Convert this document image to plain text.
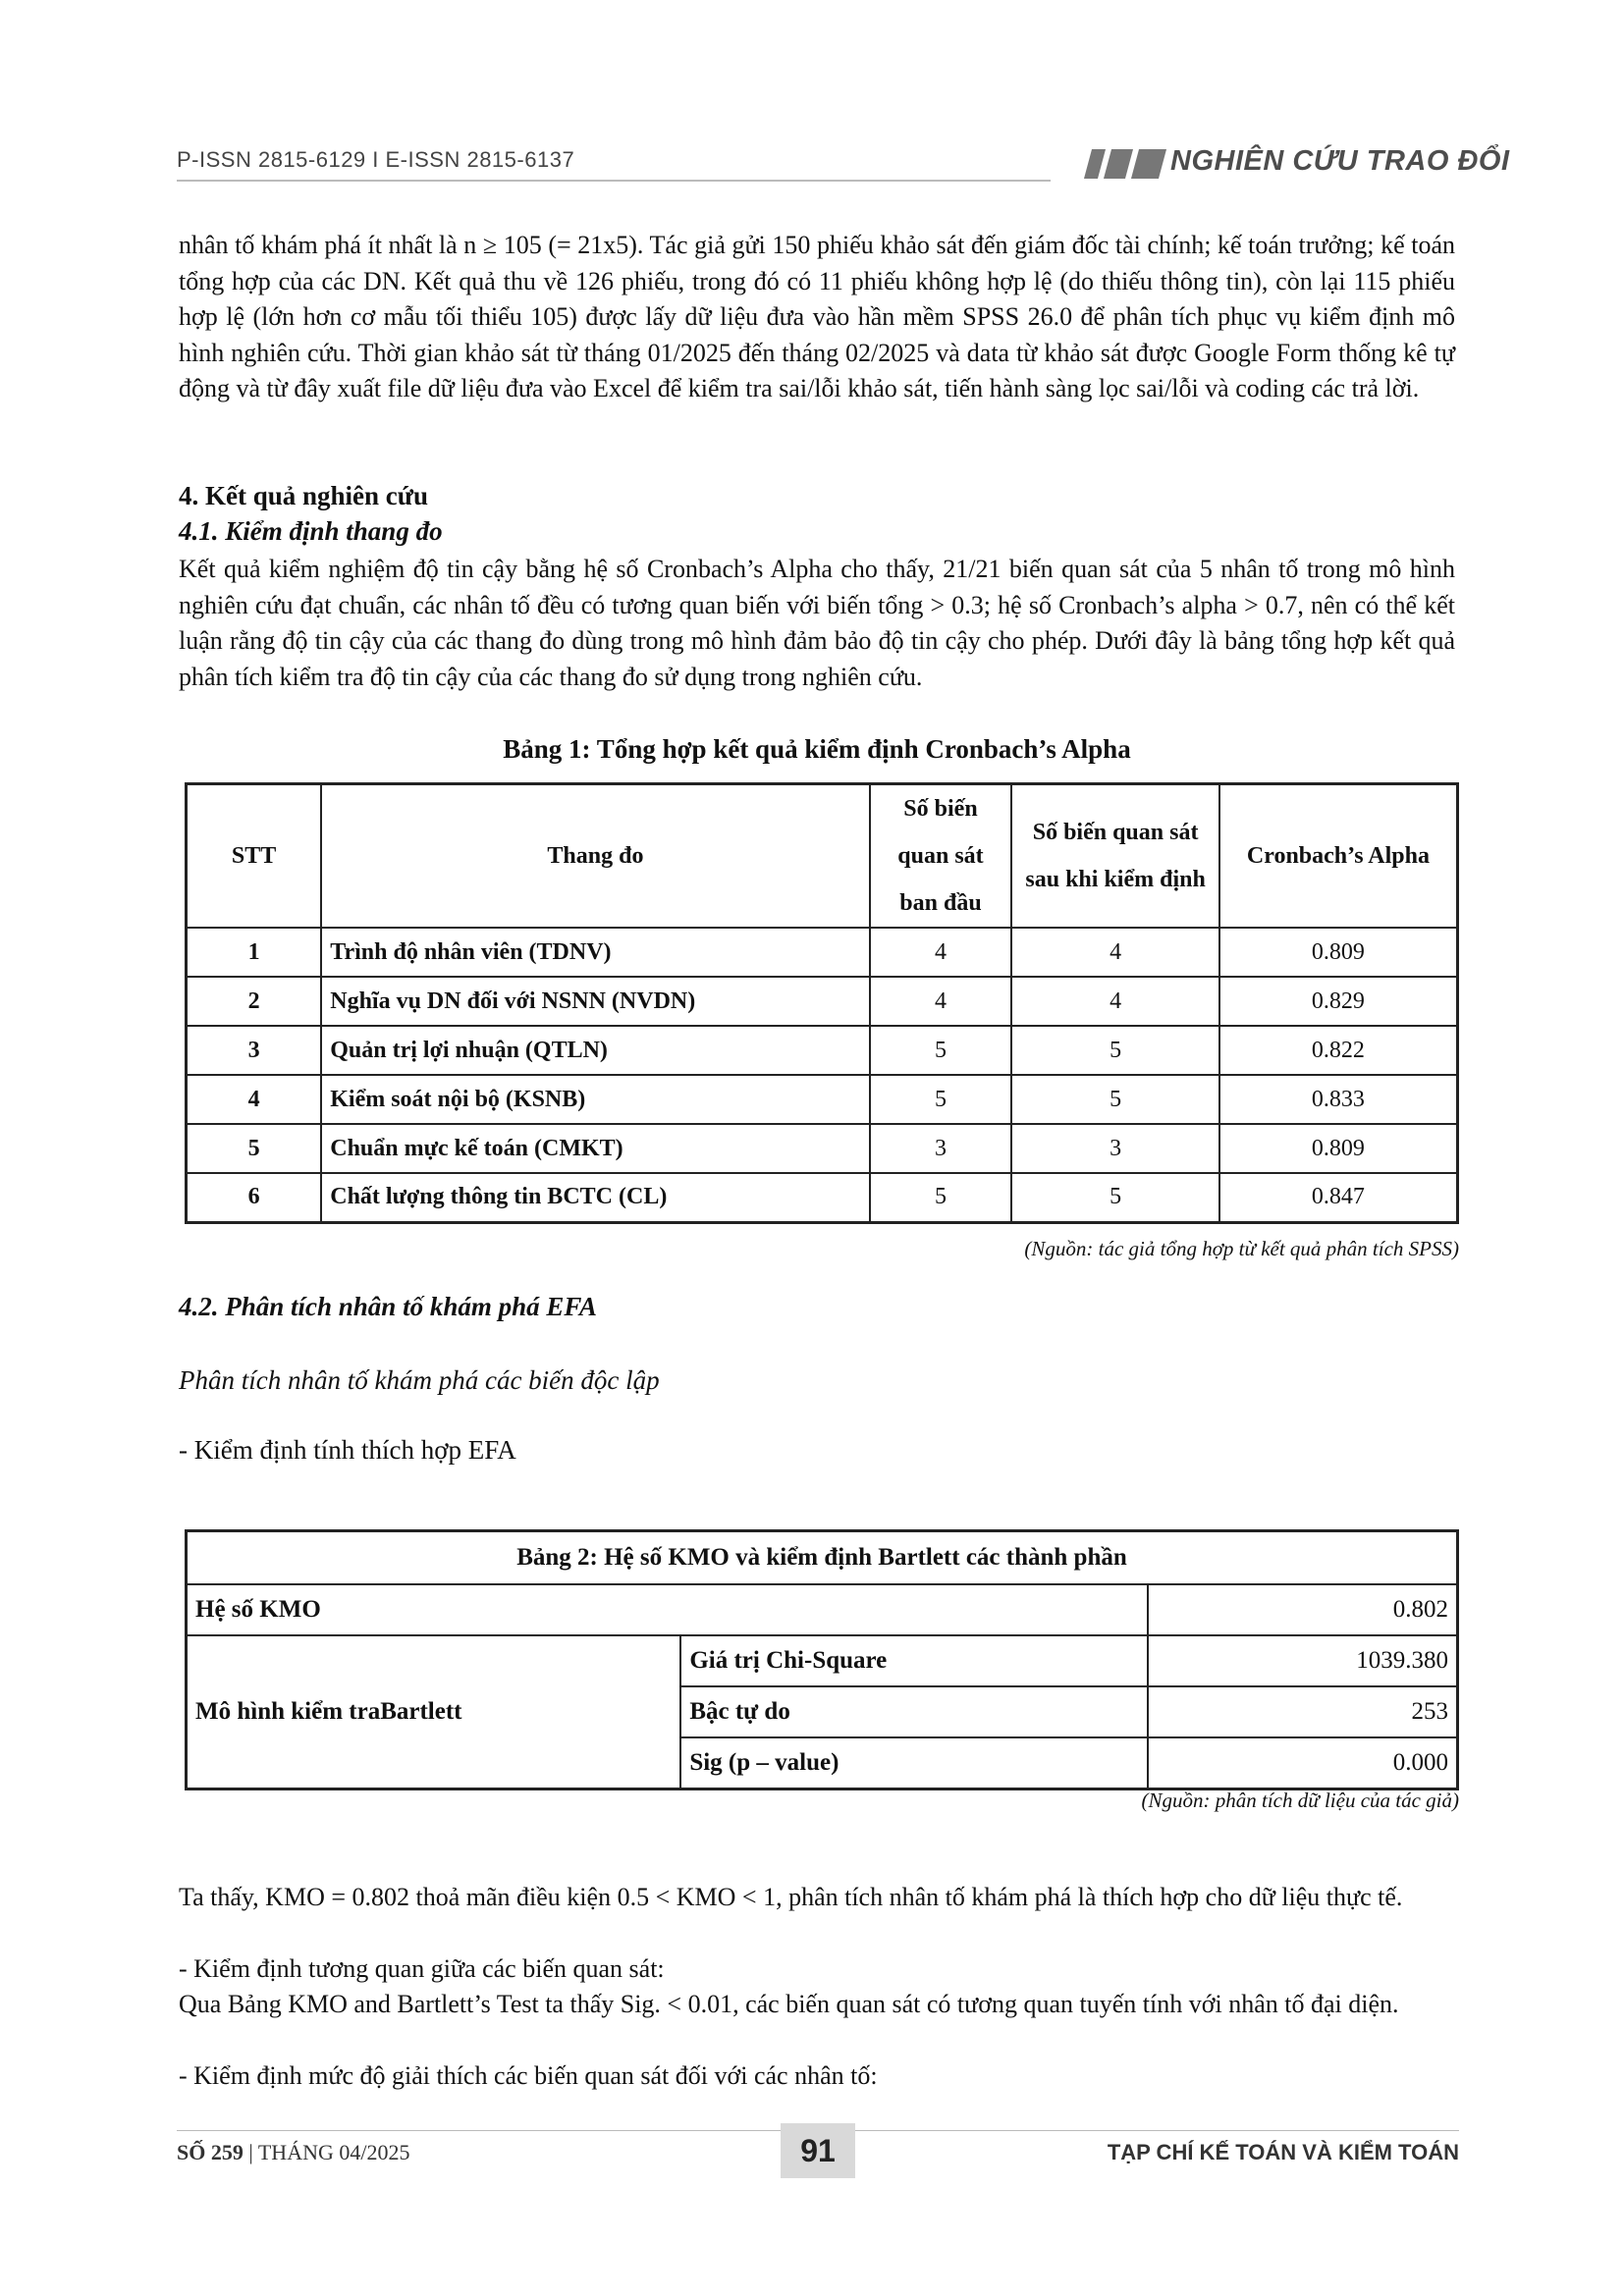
P-ISSN 2815-6129 I E-ISSN 2815-6137	NGHIÊN CỨU TRAO ĐỔI

nhân tố khám phá ít nhất là n ≥ 105 (= 21x5). Tác giả gửi 150 phiếu khảo sát đến giám đốc tài chính; kế toán trưởng; kế toán tổng hợp của các DN. Kết quả thu về 126 phiếu, trong đó có 11 phiếu không hợp lệ (do thiếu thông tin), còn lại 115 phiếu hợp lệ (lớn hơn cơ mẫu tối thiểu 105) được lấy dữ liệu đưa vào hần mềm SPSS 26.0 để phân tích phục vụ kiểm định mô hình nghiên cứu. Thời gian khảo sát từ tháng 01/2025 đến tháng 02/2025 và data từ khảo sát được Google Form thống kê tự động và từ đây xuất file dữ liệu đưa vào Excel để kiểm tra sai/lỗi khảo sát, tiến hành sàng lọc sai/lỗi và coding các trả lời.

4. Kết quả nghiên cứu
4.1. Kiểm định thang đo

Kết quả kiểm nghiệm độ tin cậy bằng hệ số Cronbach’s Alpha cho thấy, 21/21 biến quan sát của 5 nhân tố trong mô hình nghiên cứu đạt chuẩn, các nhân tố đều có tương quan biến với biến tổng > 0.3; hệ số Cronbach’s alpha > 0.7, nên có thể kết luận rằng độ tin cậy của các thang đo dùng trong mô hình đảm bảo độ tin cậy cho phép. Dưới đây là bảng tổng hợp kết quả phân tích kiểm tra độ tin cậy của các thang đo sử dụng trong nghiên cứu.

Bảng 1: Tổng hợp kết quả kiểm định Cronbach’s Alpha
STT	Thang đo	Số biến quan sát ban đầu	Số biến quan sát sau khi kiểm định	Cronbach’s Alpha
1	Trình độ nhân viên (TDNV)	4	4	0.809
2	Nghĩa vụ DN đối với NSNN (NVDN)	4	4	0.829
3	Quản trị lợi nhuận (QTLN)	5	5	0.822
4	Kiểm soát nội bộ (KSNB)	5	5	0.833
5	Chuẩn mực kế toán (CMKT)	3	3	0.809
6	Chất lượng thông tin BCTC (CL)	5	5	0.847
(Nguồn: tác giả tổng hợp từ kết quả phân tích SPSS)
4.2. Phân tích nhân tố khám phá EFA
Phân tích nhân tố khám phá các biến độc lập
- Kiểm định tính thích hợp EFA
Bảng 2: Hệ số KMO và kiểm định Bartlett các thành phần		
Hệ số KMO		0.802
Mô hình kiểm traBartlett	Giá trị Chi-Square	1039.380
	Bậc tự do	253
	Sig (p – value)	0.000
(Nguồn: phân tích dữ liệu của tác giả)

Ta thấy, KMO = 0.802 thoả mãn điều kiện 0.5 < KMO < 1, phân tích nhân tố khám phá là thích hợp cho dữ liệu thực tế.

- Kiểm định tương quan giữa các biến quan sát:

Qua Bảng KMO and Bartlett’s Test ta thấy Sig. < 0.01, các biến quan sát có tương quan tuyến tính với nhân tố đại diện.

- Kiểm định mức độ giải thích các biến quan sát đối với các nhân tố:

SỐ 259 | THÁNG 04/2025	91	TẠP CHÍ KẾ TOÁN VÀ KIỂM TOÁN
